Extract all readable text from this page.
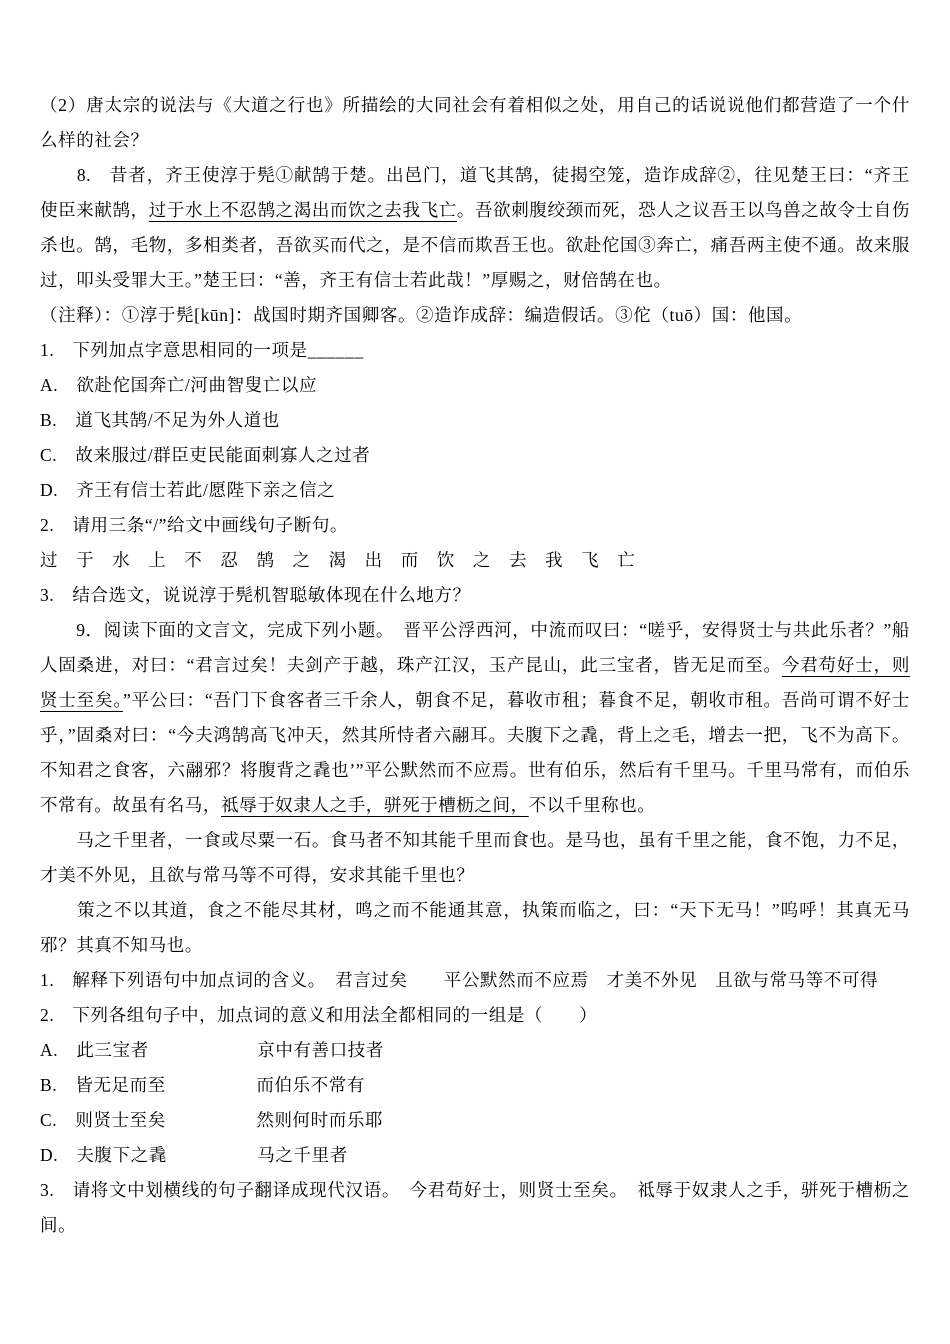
（2）唐太宗的说法与《大道之行也》所描绘的大同社会有着相似之处，用自己的话说说他们都营造了一个什么样的社会？

　　8.　昔者，齐王使淳于髡①献鹄于楚。出邑门，道飞其鹄，徒揭空笼，造诈成辞②，往见楚王曰：“齐王使臣来献鹄，过于水上不忍鹄之渴出而饮之去我飞亡。吾欲刺腹绞颈而死，恐人之议吾王以鸟兽之故令士自伤杀也。鹄，毛物，多相类者，吾欲买而代之，是不信而欺吾王也。欲赴佗国③奔亡，痛吾两主使不通。故来服过，叩头受罪大王。”楚王曰：“善，齐王有信士若此哉！”厚赐之，财倍鹄在也。

（注释）：①淳于髡[kūn]：战国时期齐国卿客。②造诈成辞：编造假话。③佗（tuō）国：他国。

1.　下列加点字意思相同的一项是______

A.　欲赴佗国奔亡/河曲智叟亡以应

B.　道飞其鹄/不足为外人道也

C.　故来服过/群臣吏民能面刺寡人之过者

D.　齐王有信士若此/愿陛下亲之信之

2.　请用三条“/”给文中画线句子断句。

过 于 水 上 不 忍 鹄 之 渴 出 而 饮 之 去 我 飞 亡

3.　结合选文，说说淳于髡机智聪敏体现在什么地方？

　　9．阅读下面的文言文，完成下列小题。　晋平公浮西河，中流而叹曰：“嗟乎，安得贤士与共此乐者？”船人固桑进，对曰：“君言过矣！夫剑产于越，珠产江汉，玉产昆山，此三宝者，皆无足而至。今君苟好士，则贤士至矣。”平公曰：“吾门下食客者三千余人，朝食不足，暮收市租；暮食不足，朝收市租。吾尚可谓不好士乎，”固桑对曰：“今夫鸿鹄高飞冲天，然其所恃者六翮耳。夫腹下之毳，背上之毛，增去一把，飞不为高下。不知君之食客，六翮邪？将腹背之毳也’”平公默然而不应焉。世有伯乐，然后有千里马。千里马常有，而伯乐不常有。故虽有名马，祗辱于奴隶人之手，骈死于槽枥之间，不以千里称也。

　　马之千里者，一食或尽粟一石。食马者不知其能千里而食也。是马也，虽有千里之能，食不饱，力不足，才美不外见，且欲与常马等不可得，安求其能千里也？

　　策之不以其道，食之不能尽其材，鸣之而不能通其意，执策而临之，曰：“天下无马！”呜呼！其真无马邪？其真不知马也。

1.　解释下列语句中加点词的含义。　君言过矣　　平公默然而不应焉　才美不外见　且欲与常马等不可得

2.　下列各组句子中，加点词的意义和用法全都相同的一组是（　　）

A.　此三宝者　　　　　　京中有善口技者

B.　皆无足而至　　　　　而伯乐不常有

C.　则贤士至矣　　　　　然则何时而乐耶

D.　夫腹下之毳　　　　　马之千里者

3.　请将文中划横线的句子翻译成现代汉语。　今君苟好士，则贤士至矣。　祗辱于奴隶人之手，骈死于槽枥之间。
